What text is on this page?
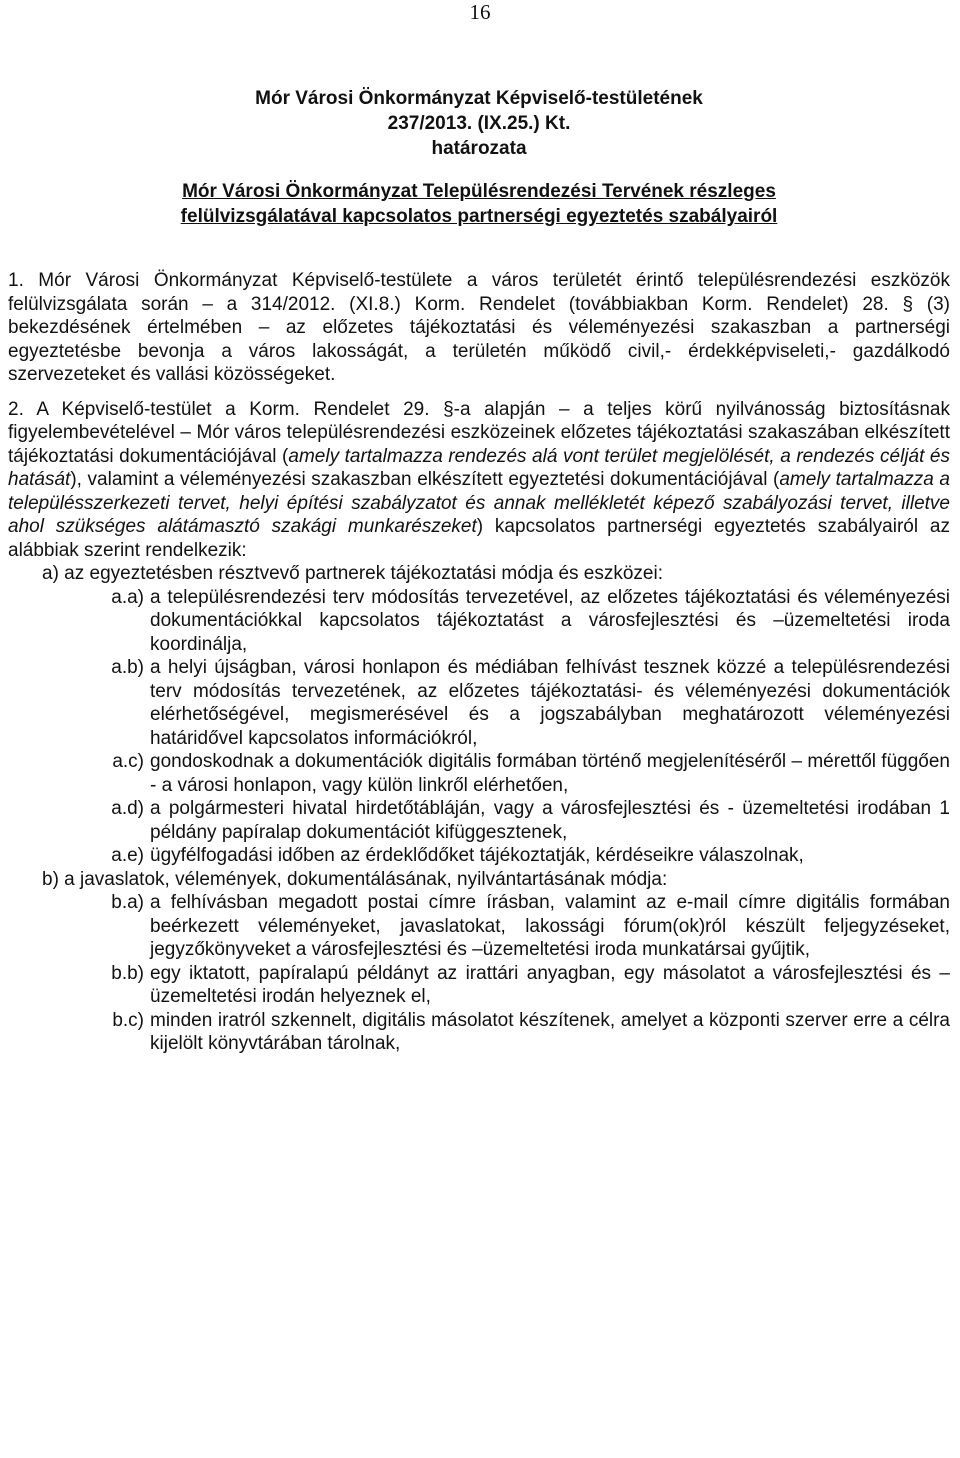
16
Mór Városi Önkormányzat Képviselő-testületének
237/2013. (IX.25.) Kt.
határozata
Mór Városi Önkormányzat Településrendezési Tervének részleges
felülvizsgálatával kapcsolatos partnerségi egyeztetés szabályairól

1. Mór Városi Önkormányzat Képviselő-testülete a város területét érintő településrendezési eszközök felülvizsgálata során – a 314/2012. (XI.8.) Korm. Rendelet (továbbiakban Korm. Rendelet) 28. § (3) bekezdésének értelmében – az előzetes tájékoztatási és véleményezési szakaszban a partnerségi egyeztetésbe bevonja a város lakosságát, a területén működő civil,- érdekképviseleti,- gazdálkodó szervezeteket és vallási közösségeket.

2. A Képviselő-testület a Korm. Rendelet 29. §-a alapján – a teljes körű nyilvánosság biztosításnak figyelembevételével – Mór város településrendezési eszközeinek előzetes tájékoztatási szakaszában elkészített tájékoztatási dokumentációjával (amely tartalmazza rendezés alá vont terület megjelölését, a rendezés célját és hatását), valamint a véleményezési szakaszban elkészített egyeztetési dokumentációjával (amely tartalmazza a településszerkezeti tervet, helyi építési szabályzatot és annak mellékletét képező szabályozási tervet, illetve ahol szükséges alátámasztó szakági munkarészeket) kapcsolatos partnerségi egyeztetés szabályairól az alábbiak szerint rendelkezik:

a) az egyeztetésben résztvevő partnerek tájékoztatási módja és eszközei:
a.a) a településrendezési terv módosítás tervezetével, az előzetes tájékoztatási és véleményezési dokumentációkkal kapcsolatos tájékoztatást a városfejlesztési és –üzemeltetési iroda koordinálja,
a.b) a helyi újságban, városi honlapon és médiában felhívást tesznek közzé a településrendezési terv módosítás tervezetének, az előzetes tájékoztatási- és véleményezési dokumentációk elérhetőségével, megismerésével és a jogszabályban meghatározott véleményezési határidővel kapcsolatos információkról,
a.c) gondoskodnak a dokumentációk digitális formában történő megjelenítéséről – mérettől függően - a városi honlapon, vagy külön linkről elérhetően,
a.d) a polgármesteri hivatal hirdetőtábláján, vagy a városfejlesztési és - üzemeltetési irodában 1 példány papíralap dokumentációt kifüggesztenek,
a.e) ügyfélfogadási időben az érdeklődőket tájékoztatják, kérdéseikre válaszolnak,
b) a javaslatok, vélemények, dokumentálásának, nyilvántartásának módja:
b.a) a felhívásban megadott postai címre írásban, valamint az e-mail címre digitális formában beérkezett véleményeket, javaslatokat, lakossági fórum(ok)ról készült feljegyzéseket, jegyzőkönyveket a városfejlesztési és –üzemeltetési iroda munkatársai gyűjtik,
b.b) egy iktatott, papíralapú példányt az irattári anyagban, egy másolatot a városfejlesztési és –üzemeltetési irodán helyeznek el,
b.c) minden iratról szkennelt, digitális másolatot készítenek, amelyet a központi szerver erre a célra kijelölt könyvtárában tárolnak,
